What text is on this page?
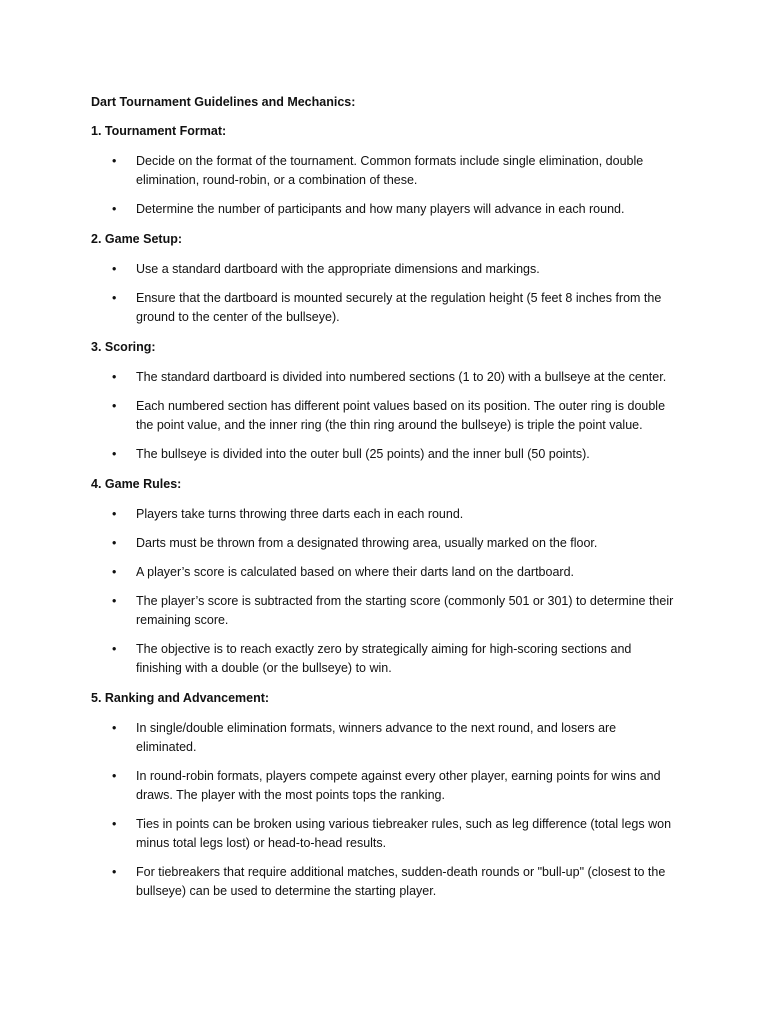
Dart Tournament Guidelines and Mechanics:
1. Tournament Format:
• Decide on the format of the tournament. Common formats include single elimination, double elimination, round-robin, or a combination of these.
• Determine the number of participants and how many players will advance in each round.
2. Game Setup:
• Use a standard dartboard with the appropriate dimensions and markings.
• Ensure that the dartboard is mounted securely at the regulation height (5 feet 8 inches from the ground to the center of the bullseye).
3. Scoring:
• The standard dartboard is divided into numbered sections (1 to 20) with a bullseye at the center.
• Each numbered section has different point values based on its position. The outer ring is double the point value, and the inner ring (the thin ring around the bullseye) is triple the point value.
• The bullseye is divided into the outer bull (25 points) and the inner bull (50 points).
4. Game Rules:
• Players take turns throwing three darts each in each round.
• Darts must be thrown from a designated throwing area, usually marked on the floor.
• A player’s score is calculated based on where their darts land on the dartboard.
• The player’s score is subtracted from the starting score (commonly 501 or 301) to determine their remaining score.
• The objective is to reach exactly zero by strategically aiming for high-scoring sections and finishing with a double (or the bullseye) to win.
5. Ranking and Advancement:
• In single/double elimination formats, winners advance to the next round, and losers are eliminated.
• In round-robin formats, players compete against every other player, earning points for wins and draws. The player with the most points tops the ranking.
• Ties in points can be broken using various tiebreaker rules, such as leg difference (total legs won minus total legs lost) or head-to-head results.
• For tiebreakers that require additional matches, sudden-death rounds or "bull-up" (closest to the bullseye) can be used to determine the starting player.
